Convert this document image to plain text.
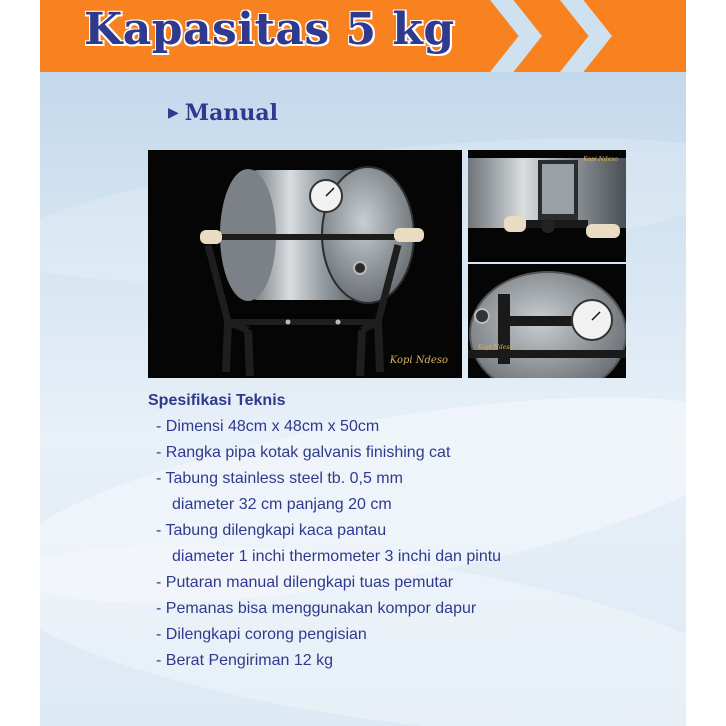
Kapasitas 5 kg
▶ Manual
Kopi Ndeso
Kopi Ndeso
Kopi Ndeso
Spesifikasi Teknis
- Dimensi 48cm x 48cm x 50cm
- Rangka pipa kotak galvanis finishing cat
- Tabung stainless steel tb. 0,5 mm
diameter 32 cm panjang 20 cm
- Tabung dilengkapi kaca pantau
diameter 1 inchi thermometer 3 inchi dan pintu
- Putaran manual dilengkapi tuas pemutar
- Pemanas bisa menggunakan kompor dapur
- Dilengkapi corong pengisian
- Berat Pengiriman 12 kg
